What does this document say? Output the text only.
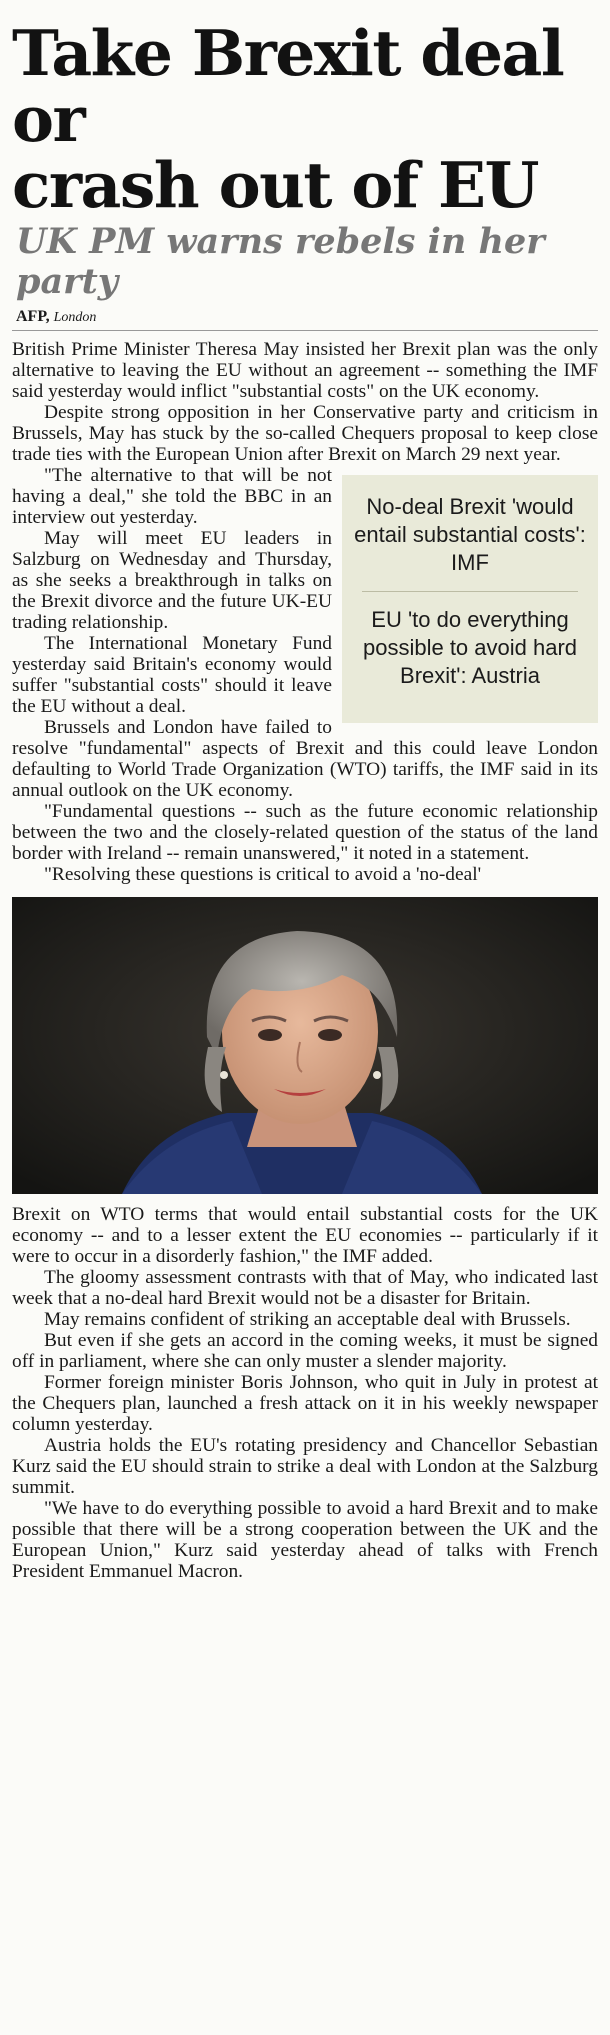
Take Brexit deal or
crash out of EU
UK PM warns rebels in her party
AFP, London

British Prime Minister Theresa May insisted her Brexit plan was the only alternative to leaving the EU without an agreement -- something the IMF said yesterday would inflict "substantial costs" on the UK economy.

Despite strong opposition in her Conservative party and criticism in Brussels, May has stuck by the so-called Chequers proposal to keep close trade ties with the European Union after Brexit on March 29 next year.

No-deal Brexit 'would entail substantial costs': IMF
EU 'to do everything possible to avoid hard Brexit': Austria

"The alternative to that will be not having a deal," she told the BBC in an interview out yesterday.

May will meet EU leaders in Salzburg on Wednesday and Thursday, as she seeks a breakthrough in talks on the Brexit divorce and the future UK-EU trading relationship.

The International Monetary Fund yesterday said Britain's economy would suffer "substantial costs" should it leave the EU without a deal.

Brussels and London have failed to resolve "fundamental" aspects of Brexit and this could leave London defaulting to World Trade Organization (WTO) tariffs, the IMF said in its annual outlook on the UK economy.

"Fundamental questions -- such as the future economic relationship between the two and the closely-related question of the status of the land border with Ireland -- remain unanswered," it noted in a statement.

"Resolving these questions is critical to avoid a 'no-deal'

Brexit on WTO terms that would entail substantial costs for the UK economy -- and to a lesser extent the EU economies -- particularly if it were to occur in a disorderly fashion," the IMF added.

The gloomy assessment contrasts with that of May, who indicated last week that a no-deal hard Brexit would not be a disaster for Britain.

May remains confident of striking an acceptable deal with Brussels.

But even if she gets an accord in the coming weeks, it must be signed off in parliament, where she can only muster a slender majority.

Former foreign minister Boris Johnson, who quit in July in protest at the Chequers plan, launched a fresh attack on it in his weekly newspaper column yesterday.

Austria holds the EU's rotating presidency and Chancellor Sebastian Kurz said the EU should strain to strike a deal with London at the Salzburg summit.

"We have to do everything possible to avoid a hard Brexit and to make possible that there will be a strong cooperation between the UK and the European Union," Kurz said yesterday ahead of talks with French President Emmanuel Macron.
